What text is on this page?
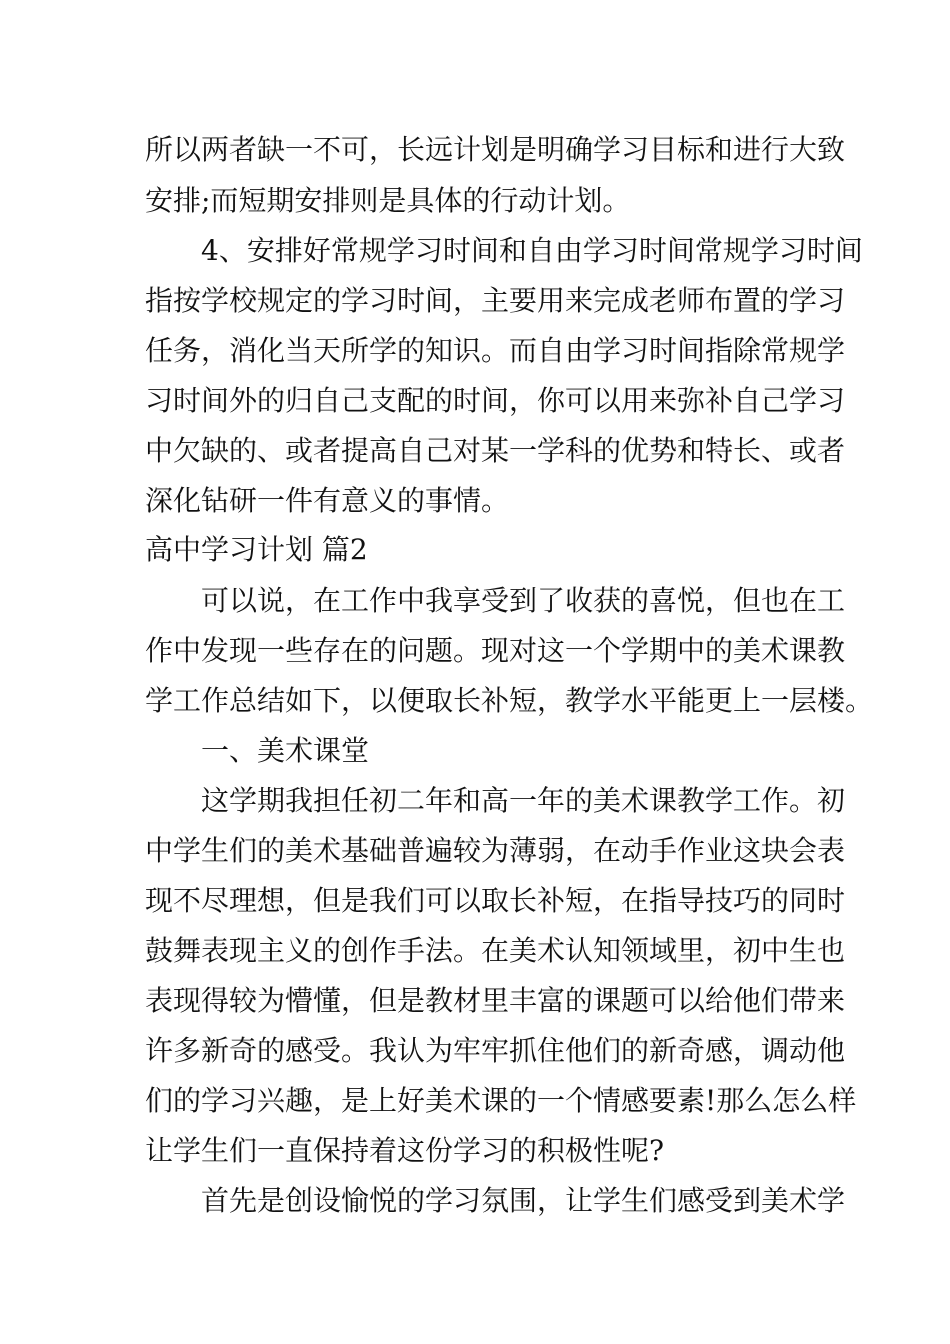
所以两者缺一不可，长远计划是明确学习目标和进行大致
安排;而短期安排则是具体的行动计划。
　　4、安排好常规学习时间和自由学习时间常规学习时间
指按学校规定的学习时间，主要用来完成老师布置的学习
任务，消化当天所学的知识。而自由学习时间指除常规学
习时间外的归自己支配的时间，你可以用来弥补自己学习
中欠缺的、或者提高自己对某一学科的优势和特长、或者
深化钻研一件有意义的事情。
高中学习计划 篇2
　　可以说，在工作中我享受到了收获的喜悦，但也在工
作中发现一些存在的问题。现对这一个学期中的美术课教
学工作总结如下，以便取长补短，教学水平能更上一层楼。
　　一、美术课堂
　　这学期我担任初二年和高一年的美术课教学工作。初
中学生们的美术基础普遍较为薄弱，在动手作业这块会表
现不尽理想，但是我们可以取长补短，在指导技巧的同时
鼓舞表现主义的创作手法。在美术认知领域里，初中生也
表现得较为懵懂，但是教材里丰富的课题可以给他们带来
许多新奇的感受。我认为牢牢抓住他们的新奇感，调动他
们的学习兴趣，是上好美术课的一个情感要素!那么怎么样
让学生们一直保持着这份学习的积极性呢?
　　首先是创设愉悦的学习氛围，让学生们感受到美术学
